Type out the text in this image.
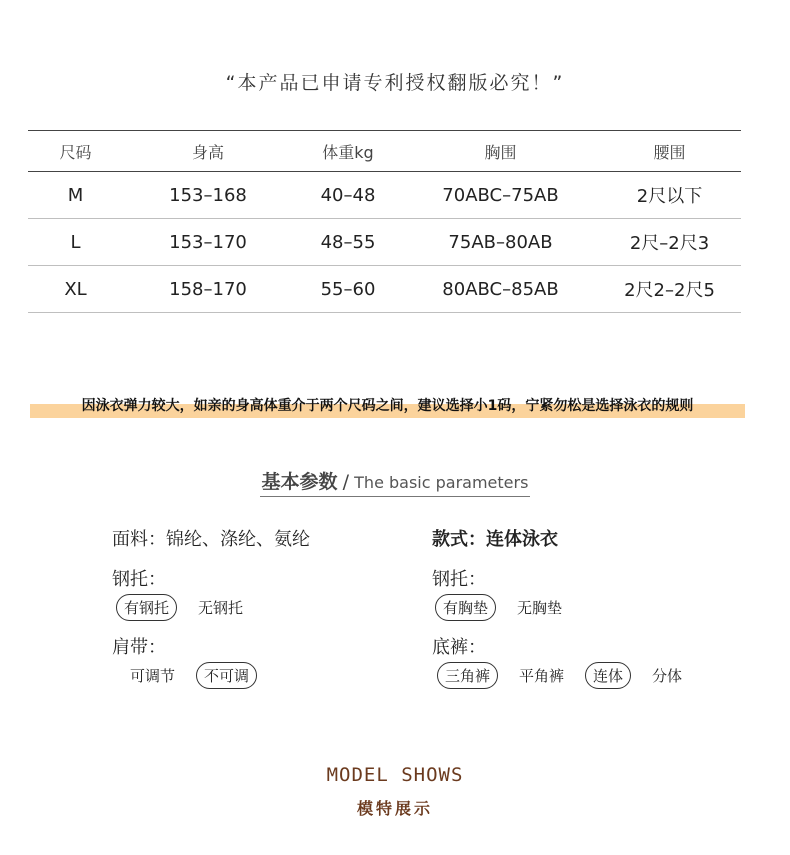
“本产品已申请专利授权翻版必究！”
尺码	身高	体重kg	胸围	腰围
M	153–168	40–48	70ABC–75AB	2尺以下
L	153–170	48–55	75AB–80AB	2尺–2尺3
XL	158–170	55–60	80ABC–85AB	2尺2–2尺5
因泳衣弹力较大，如亲的身高体重介于两个尺码之间，建议选择小1码，宁紧勿松是选择泳衣的规则
基本参数 / The basic parameters
面料：锦纶、涤纶、氨纶	款式：连体泳衣
钢托：
有钢托	无钢托
钢托：
有胸垫	无胸垫
肩带：
可调节	不可调
底裤：
三角裤	平角裤	连体	分体
MODEL SHOWS
模特展示
